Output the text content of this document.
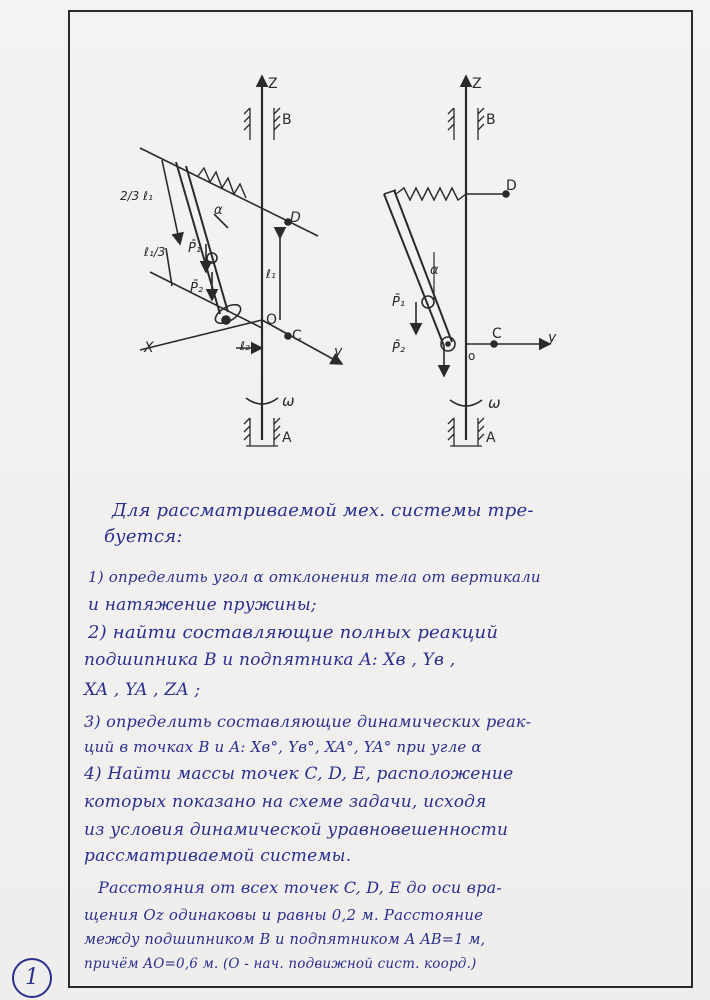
Z
B
A
D
O
C
X	y
2/3 ℓ₁
ℓ₁/3
ℓ₁
ℓ₂
P̄₁
P̄₂
α
ω
Z
B
A
D
o
C	y
P̄₁
P̄₂
α
ω
Для рассматриваемой мех. системы тре-
буется:
1) определить угол α отклонения тела от вертикали
и натяжение пружины;
2) найти составляющие полных реакций
подшипника B и подпятника A: Xв , Yв ,
XA , YA , ZA ;
3) определить составляющие динамических реак-
ций в точках B и A: Xв°, Yв°, XA°, YA° при угле α
4) Найти массы точек C, D, E, расположение
которых показано на схеме задачи, исходя
из условия динамической уравновешенности
рассматриваемой системы.
Расстояния от всех точек C, D, E до оси вра-
щения Oz одинаковы и равны 0,2 м. Расстояние
между подшипником B и подпятником A AB=1 м,
причём AO=0,6 м. (O - нач. подвижной сист. коорд.)
1
